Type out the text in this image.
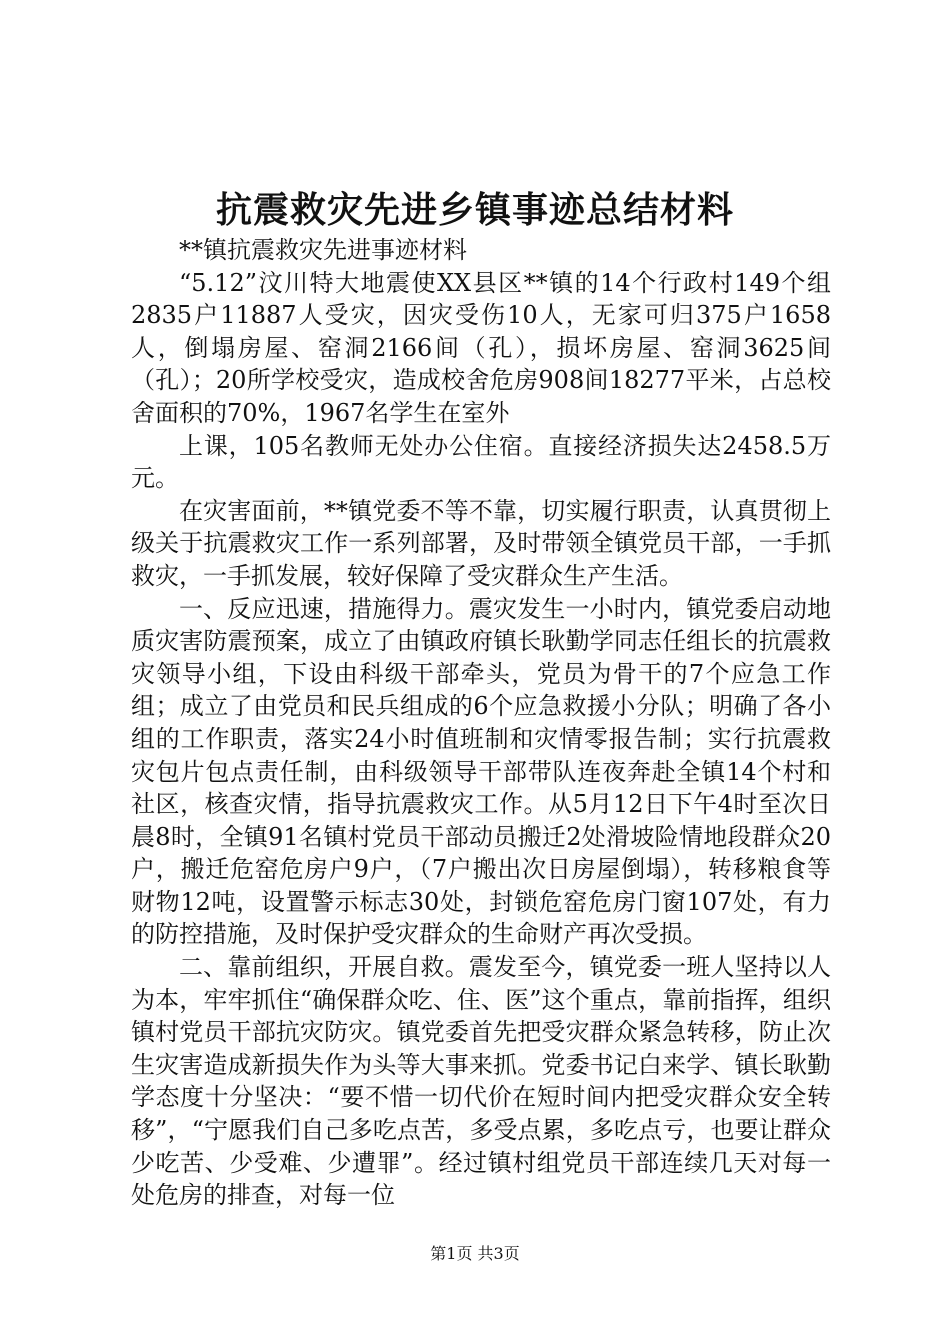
抗震救灾先进乡镇事迹总结材料

**镇抗震救灾先进事迹材料

“5.12”汶川特大地震使XX县区**镇的14个行政村149个组2835户11887人受灾，因灾受伤10人，无家可归375户1658人，倒塌房屋、窑洞2166间（孔），损坏房屋、窑洞3625间（孔）；20所学校受灾，造成校舍危房908间18277平米，占总校舍面积的70%，1967名学生在室外

上课，105名教师无处办公住宿。直接经济损失达2458.5万元。

在灾害面前，**镇党委不等不靠，切实履行职责，认真贯彻上级关于抗震救灾工作一系列部署，及时带领全镇党员干部，一手抓救灾，一手抓发展，较好保障了受灾群众生产生活。

一、反应迅速，措施得力。震灾发生一小时内，镇党委启动地质灾害防震预案，成立了由镇政府镇长耿勤学同志任组长的抗震救灾领导小组，下设由科级干部牵头，党员为骨干的7个应急工作组；成立了由党员和民兵组成的6个应急救援小分队；明确了各小组的工作职责，落实24小时值班制和灾情零报告制；实行抗震救灾包片包点责任制，由科级领导干部带队连夜奔赴全镇14个村和社区，核查灾情，指导抗震救灾工作。从5月12日下午4时至次日晨8时，全镇91名镇村党员干部动员搬迁2处滑坡险情地段群众20户，搬迁危窑危房户9户，（7户搬出次日房屋倒塌），转移粮食等财物12吨，设置警示标志30处，封锁危窑危房门窗107处，有力的防控措施，及时保护受灾群众的生命财产再次受损。

二、靠前组织，开展自救。震发至今，镇党委一班人坚持以人为本，牢牢抓住“确保群众吃、住、医”这个重点，靠前指挥，组织镇村党员干部抗灾防灾。镇党委首先把受灾群众紧急转移，防止次生灾害造成新损失作为头等大事来抓。党委书记白来学、镇长耿勤学态度十分坚决：“要不惜一切代价在短时间内把受灾群众安全转移”，“宁愿我们自己多吃点苦，多受点累，多吃点亏，也要让群众少吃苦、少受难、少遭罪”。经过镇村组党员干部连续几天对每一处危房的排查，对每一位

第1页 共3页
